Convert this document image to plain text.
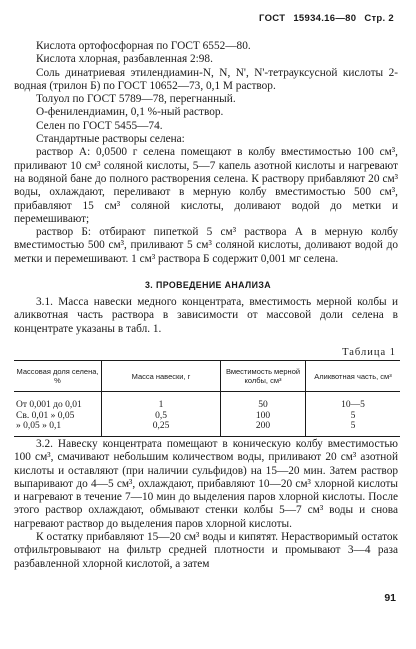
ГОСТ 15934.16—80 Стр. 2

Кислота ортофосфорная по ГОСТ 6552—80.

Кислота хлорная, разбавленная 2:98.

Соль динатриевая этилендиамин-N, N, N', N'-тетрауксусной кислоты 2-водная (трилон Б) по ГОСТ 10652—73, 0,1 М раствор.

Толуол по ГОСТ 5789—78, перегнанный.

О-фенилендиамин, 0,1 %-ный раствор.

Селен по ГОСТ 5455—74.

Стандартные растворы селена:

раствор А: 0,0500 г селена помещают в колбу вместимостью 100 см³, приливают 10 см³ соляной кислоты, 5—7 капель азотной кислоты и нагревают на водяной бане до полного растворения селена. К раствору прибавляют 20 см³ воды, охлаждают, переливают в мерную колбу вместимостью 500 см³, прибавляют 15 см³ соляной кислоты, доливают водой до метки и перемешивают;

раствор Б: отбирают пипеткой 5 см³ раствора А в мерную колбу вместимостью 500 см³, приливают 5 см³ соляной кислоты, доливают водой до метки и перемешивают. 1 см³ раствора Б содержит 0,001 мг селена.

3. ПРОВЕДЕНИЕ АНАЛИЗА

3.1. Масса навески медного концентрата, вместимость мерной колбы и аликвотная часть раствора в зависимости от массовой доли селена в концентрате указаны в табл. 1.

Таблица 1
Массовая доля селена, %	Масса навески, г	Вместимость мерной колбы, см³	Аликвотная часть, см³
От 0,001 до 0,01	1	50	10—5
Св. 0,01 » 0,05	0,5	100	5
» 0,05 » 0,1	0,25	200	5

3.2. Навеску концентрата помещают в коническую колбу вместимостью 100 см³, смачивают небольшим количеством воды, приливают 20 см³ азотной кислоты и оставляют (при наличии сульфидов) на 15—20 мин. Затем раствор выпаривают до 4—5 см³, охлаждают, прибавляют 10—20 см³ хлорной кислоты и нагревают в течение 7—10 мин до выделения паров хлорной кислоты. После этого раствор охлаждают, обмывают стенки колбы 5—7 см³ воды и снова нагревают раствор до выделения паров хлорной кислоты.

К остатку прибавляют 15—20 см³ воды и кипятят. Нерастворимый остаток отфильтровывают на фильтр средней плотности и промывают 3—4 раза разбавленной хлорной кислотой, а затем

91
